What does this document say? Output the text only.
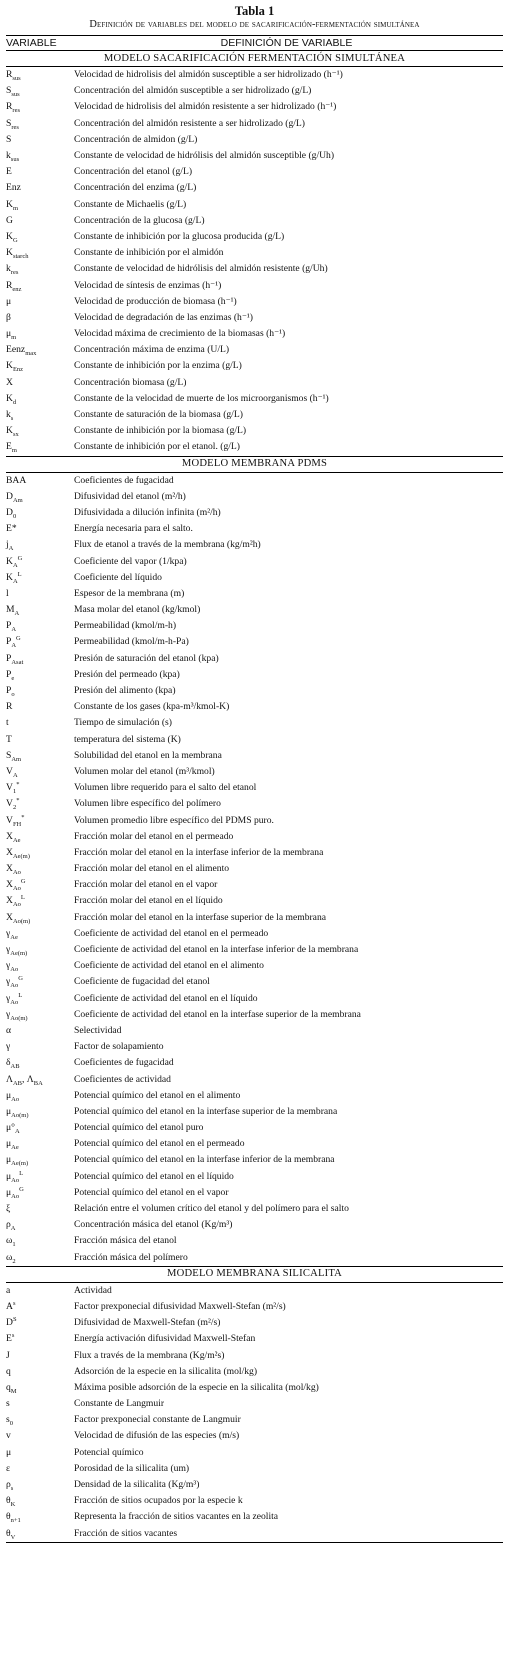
Tabla 1
Definición de variables del modelo de sacarificación-fermentación simultánea
VARIABLE	DEFINICIÓN DE VARIABLE
MODELO SACARIFICACIÓN FERMENTACIÓN SIMULTÁNEA	
$R_{sus}$	Velocidad de hidrolisis del almidón susceptible a ser hidrolizado (h⁻¹)
$S_{sus}$	Concentración del almidón susceptible a ser hidrolizado (g/L)
$R_{res}$	Velocidad de hidrolisis del almidón resistente a ser hidrolizado (h⁻¹)
$S_{res}$	Concentración del almidón resistente a ser hidrolizado (g/L)
S	Concentración de almidon (g/L)
$k_{sus}$	Constante de velocidad de hidrólisis del almidón susceptible (g/Uh)
E	Concentración del etanol (g/L)
Enz	Concentración del enzima (g/L)
$K_m$	Constante de Michaelis (g/L)
G	Concentración de la glucosa (g/L)
$K_G$	Constante de inhibición por la glucosa producida (g/L)
$K_{starch}$	Constante de inhibición por el almidón
$k_{res}$	Constante de velocidad de hidrólisis del almidón resistente (g/Uh)
$R_{enz}$	Velocidad de síntesis de enzimas (h⁻¹)
μ	Velocidad de producción de biomasa (h⁻¹)
β	Velocidad de degradación de las enzimas (h⁻¹)
$\mu_m$	Velocidad máxima de crecimiento de la biomasas (h⁻¹)
Eenz$_{max}$	Concentración máxima de enzima (U/L)
$K_{Enz}$	Constante de inhibición por la enzima (g/L)
X	Concentración biomasa (g/L)
$K_d$	Constante de la velocidad de muerte de los microorganismos (h⁻¹)
$k_s$	Constante de saturación de la biomasa (g/L)
$K_{sx}$	Constante de inhibición por la biomasa (g/L)
$E_m$	Constante de inhibición por el etanol. (g/L)
MODELO MEMBRANA PDMS	
BAA	Coeficientes de fugacidad
$D_{Am}$	Difusividad del etanol (m²/h)
$D_0$	Difusividada a dilución infinita (m²/h)
E*	Energía necesaria para el salto.
$j_A$	Flux de etanol a través de la membrana (kg/m²h)
$K_A^G$	Coeficiente del vapor (1/kpa)
$K_A^L$	Coeficiente del líquido
l	Espesor de la membrana (m)
$M_A$	Masa molar del etanol (kg/kmol)
$P_A$	Permeabilidad (kmol/m-h)
$P_A^G$	Permeabilidad (kmol/m-h-Pa)
$P_{Asat}$	Presión de saturación del etanol (kpa)
$P_e$	Presión del permeado (kpa)
$P_o$	Presión del alimento (kpa)
R	Constante de los gases (kpa-m³/kmol-K)
t	Tiempo de simulación (s)
T	temperatura del sistema (K)
$S_{Am}$	Solubilidad del etanol en la membrana
$V_A$	Volumen molar del etanol (m³/kmol)
$V_1^*$	Volumen libre requerido para el salto del etanol
$V_2^*$	Volumen libre específico del polímero
$V_{FH}^*$	Volumen promedio libre específico del PDMS puro.
$X_{Ae}$	Fracción molar del etanol en el permeado
$X_{Ae(m)}$	Fracción molar del etanol en la interfase inferior de la membrana
$X_{Ao}$	Fracción molar del etanol en el alimento
$X_{Ao}^G$	Fracción molar del etanol en el vapor
$X_{Ao}^L$	Fracción molar del etanol en el líquido
$X_{Ao(m)}$	Fracción molar del etanol en la interfase superior de la membrana
$\gamma_{Ae}$	Coeficiente de actividad del etanol en el permeado
$\gamma_{Ae(m)}$	Coeficiente de actividad del etanol en la interfase inferior de la membrana
$\gamma_{Ao}$	Coeficiente de actividad del etanol en el alimento
$\gamma_{Ao}^G$	Coeficiente de fugacidad del etanol
$\gamma_{Ao}^L$	Coeficiente de actividad del etanol en el líquido
$\gamma_{Ao(m)}$	Coeficiente de actividad del etanol en la interfase superior de la membrana
α	Selectividad
γ	Factor de solapamiento
$\delta_{AB}$	Coeficientes de fugacidad
$\Lambda_{AB}$, $\Lambda_{BA}$	Coeficientes de actividad
$\mu_{Ao}$	Potencial químico del etanol en el alimento
$\mu_{Ao(m)}$	Potencial químico del etanol en la interfase superior de la membrana
$\mu^\circ_A$	Potencial químico del etanol puro
$\mu_{Ae}$	Potencial químico del etanol en el permeado
$\mu_{Ae(m)}$	Potencial químico del etanol en la interfase inferior de la membrana
$\mu_{Ao}^L$	Potencial químico del etanol en el líquido
$\mu_{Ao}^G$	Potencial químico del etanol en el vapor
ξ	Relación entre el volumen crítico del etanol y del polímero para el salto
$\rho_A$	Concentración másica del etanol (Kg/m³)
$\omega_1$	Fracción másica del etanol
$\omega_2$	Fracción másica del polímero
MODELO MEMBRANA SILICALITA	
a	Actividad
$A^s$	Factor prexponecial difusividad Maxwell-Stefan (m²/s)
$D^S$	Difusividad de Maxwell-Stefan (m²/s)
$E^s$	Energía activación difusividad Maxwell-Stefan
J	Flux a través de la membrana (Kg/m²s)
q	Adsorción de la especie en la silicalita (mol/kg)
$q_M$	Máxima posible adsorción de la especie en la silicalita (mol/kg)
s	Constante de Langmuir
$s_0$	Factor prexponecial constante de Langmuir
v	Velocidad de difusión de las especies (m/s)
μ	Potencial químico
ε	Porosidad de la silicalita (um)
$\rho_s$	Densidad de la silicalita (Kg/m³)
$\theta_K$	Fracción de sitios ocupados por la especie k
$\theta_{n+1}$	Representa la fracción de sitios vacantes en la zeolita
$\theta_V$	Fracción de sitios vacantes
